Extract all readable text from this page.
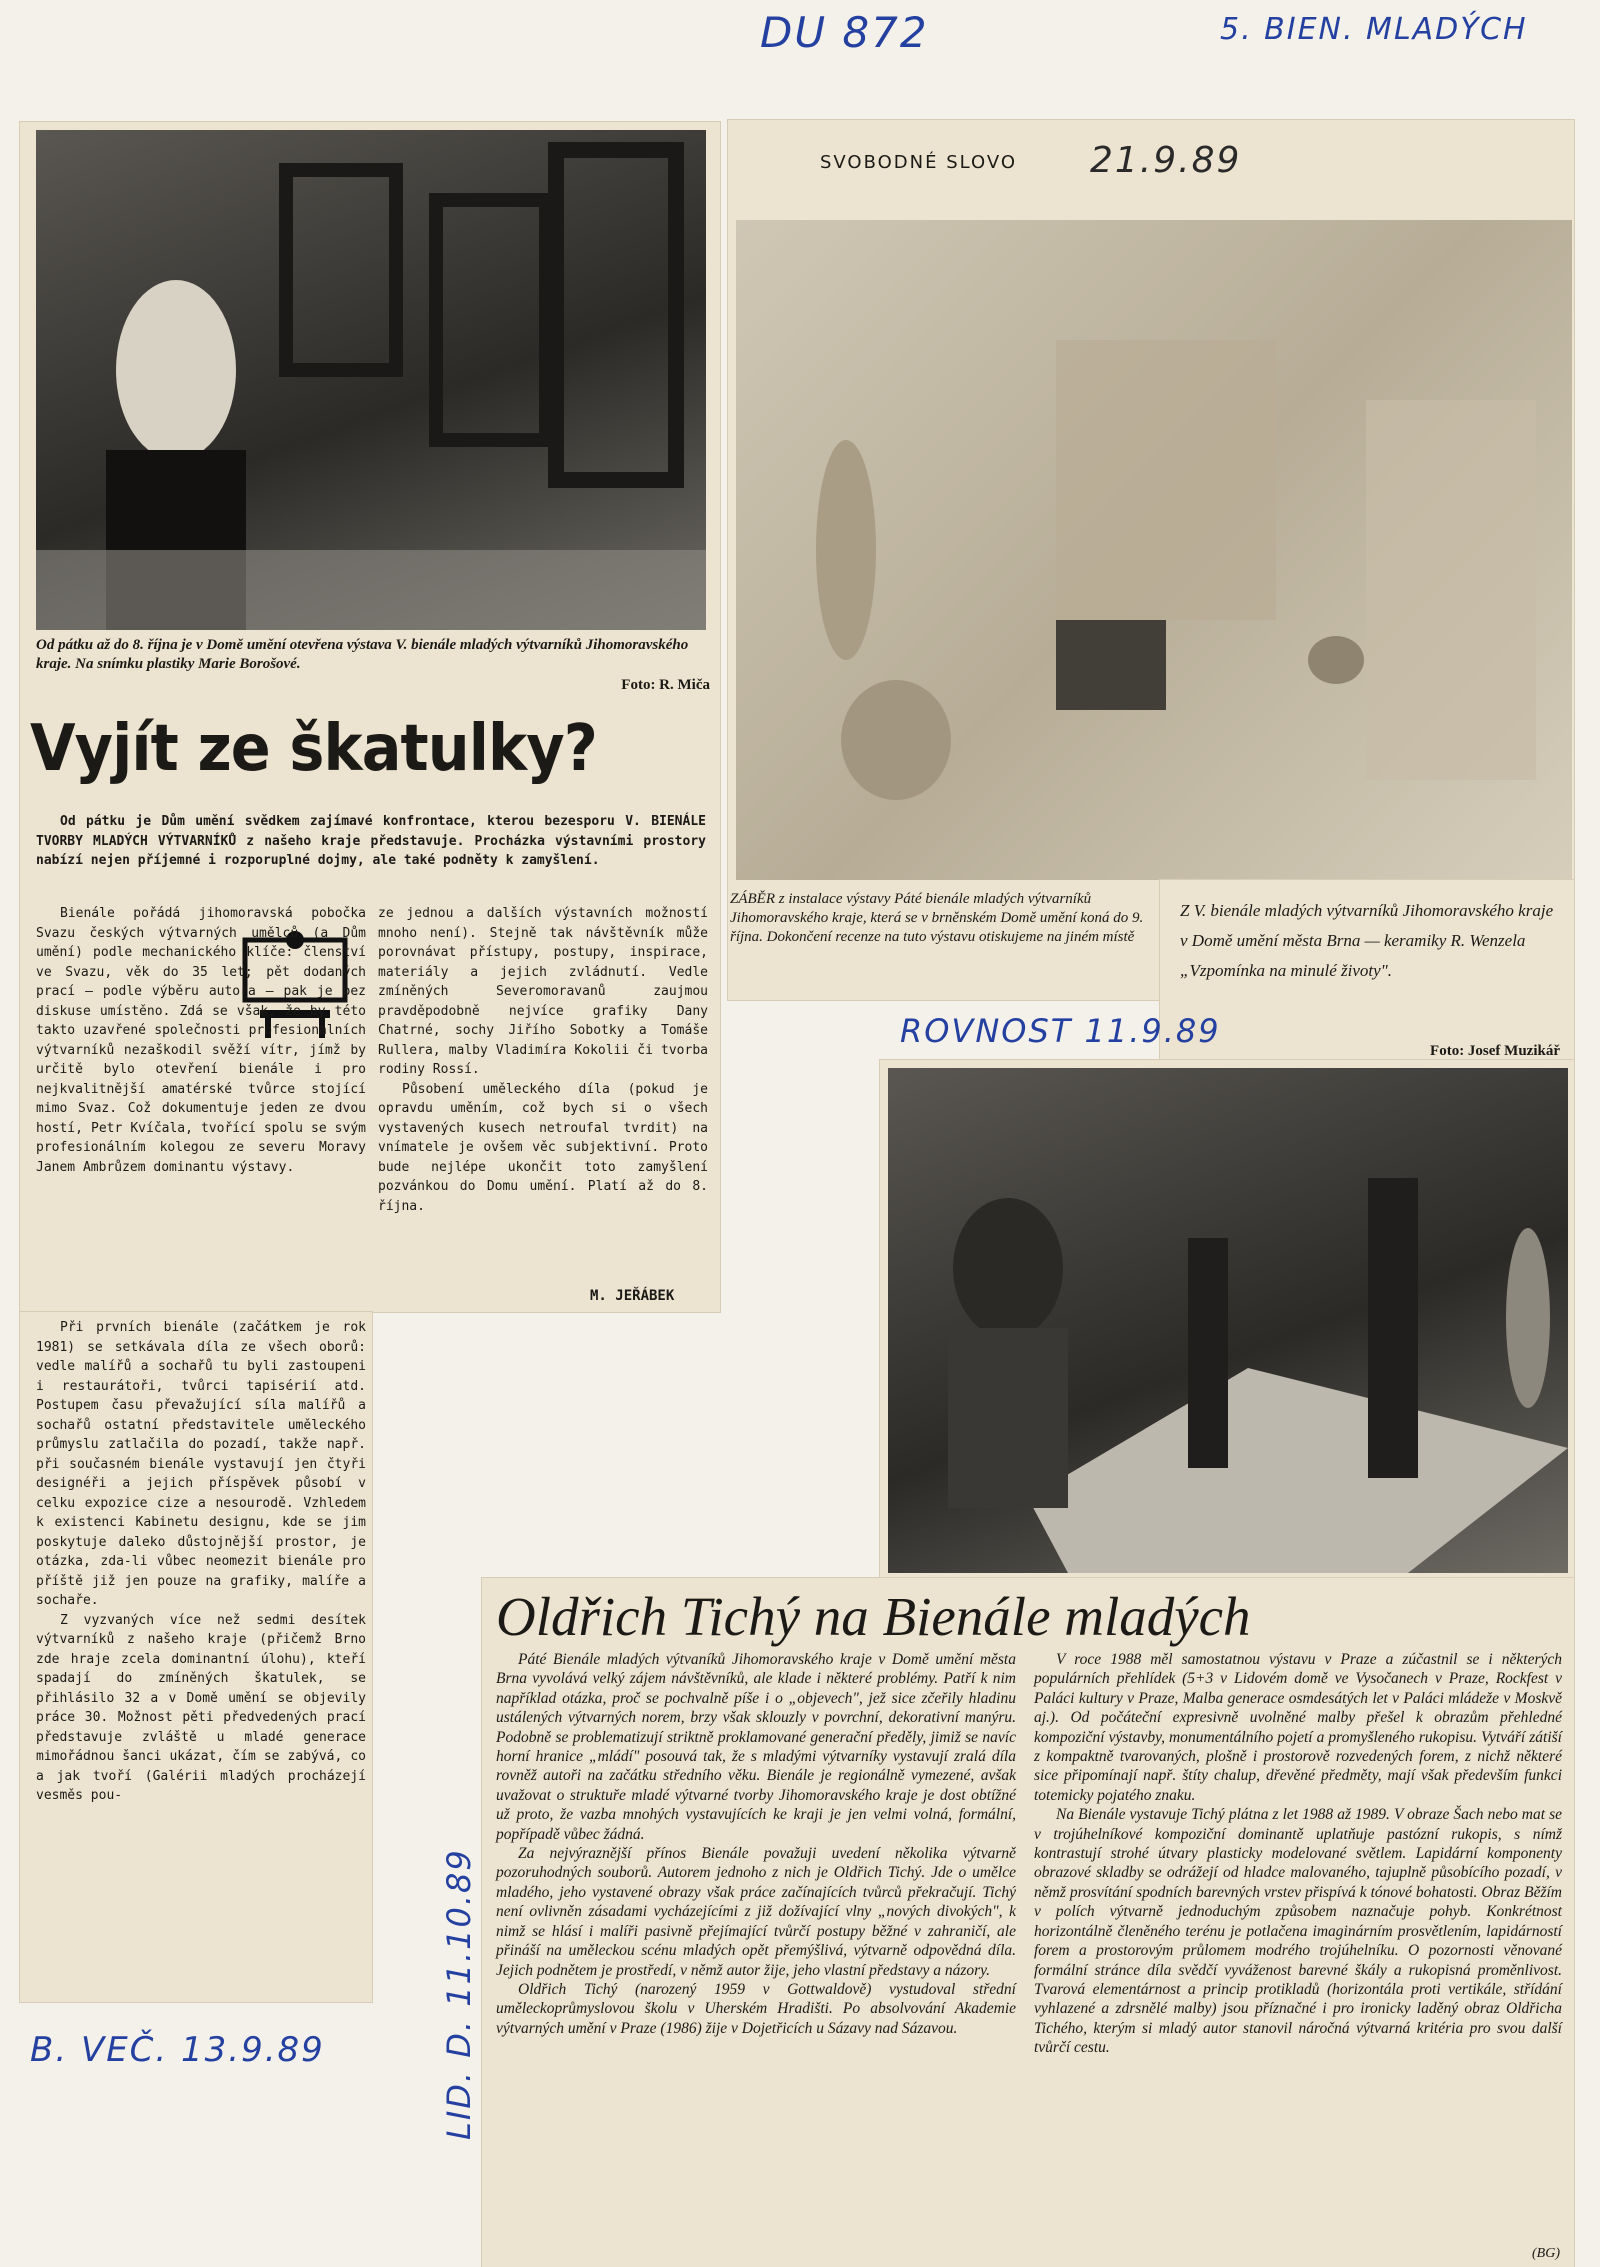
DU 872	5. BIEN. MLADÝCH
Od pátku až do 8. října je v Domě umění otevřena výstava V. bienále mladých výtvarníků Jihomoravského kraje. Na snímku plastiky Marie Borošové.
Foto: R. Miča
Vyjít ze škatulky?

Od pátku je Dům umění svědkem zajímavé konfrontace, kterou bezesporu V. BIENÁLE TVORBY MLADÝCH VÝTVARNÍKŮ z našeho kraje představuje. Procházka výstavními prostory nabízí nejen příjemné i rozporuplné dojmy, ale také podněty k zamyšlení.

Bienále pořádá jihomoravská pobočka Svazu českých výtvarných umělců (a Dům umění) podle mechanického klíče: členství ve Svazu, věk do 35 let; pět dodaných prací — podle výběru autora — pak je bez diskuse umístěno. Zdá se však, že by této takto uzavřené společnosti profesionálních výtvarníků nezaškodil svěží vítr, jímž by určitě bylo otevření bienále i pro nejkvalitnější amatérské tvůrce stojící mimo Svaz. Což dokumentuje jeden ze dvou hostí, Petr Kvíčala, tvořící spolu se svým profesionálním kolegou ze severu Moravy Janem Ambrůzem dominantu výstavy.

ze jednou a dalších výstavních možností mnoho není). Stejně tak návštěvník může porovnávat přístupy, postupy, inspirace, materiály a jejich zvládnutí. Vedle zmíněných Severomoravanů zaujmou pravděpodobně nejvíce grafiky Dany Chatrné, sochy Jiřího Sobotky a Tomáše Rullera, malby Vladimíra Kokolii či tvorba rodiny Rossí.

Působení uměleckého díla (pokud je opravdu uměním, což bych si o všech vystavených kusech netroufal tvrdit) na vnímatele je ovšem věc subjektivní. Proto bude nejlépe ukončit toto zamyšlení pozvánkou do Domu umění. Platí až do 8. října.

M. JEŘÁBEK

Při prvních bienále (začátkem je rok 1981) se setkávala díla ze všech oborů: vedle malířů a sochařů tu byli zastoupeni i restaurátoři, tvůrci tapisérií atd. Postupem času převažující síla malířů a sochařů ostatní představitele uměleckého průmyslu zatlačila do pozadí, takže např. při současném bienále vystavují jen čtyři designéři a jejich příspěvek působí v celku expozice cize a nesourodě. Vzhledem k existenci Kabinetu designu, kde se jim poskytuje daleko důstojnější prostor, je otázka, zda-li vůbec neomezit bienále pro příště již jen pouze na grafiky, malíře a sochaře.

Z vyzvaných více než sedmi desítek výtvarníků z našeho kraje (přičemž Brno zde hraje zcela dominantní úlohu), kteří spadají do zmíněných škatulek, se přihlásilo 32 a v Domě umění se objevily práce 30. Možnost pěti předvedených prací představuje zvláště u mladé generace mimořádnou šanci ukázat, čím se zabývá, co a jak tvoří (Galérii mladých procházejí vesměs pou-

B. VEČ. 13.9.89
SVOBODNÉ SLOVO 21.9.89
ZÁBĚR z instalace výstavy Páté bienále mladých výtvarníků Jihomoravského kraje, která se v brněnském Domě umění koná do 9. října. Dokončení recenze na tuto výstavu otiskujeme na jiném místě
Z V. bienále mladých výtvarníků Jihomoravského kraje v Domě umění města Brna — keramiky R. Wenzela „Vzpomínka na minulé životy".
Foto: Josef Muzikář
ROVNOST 11.9.89
Oldřich Tichý na Bienále mladých

Páté Bienále mladých výtvaníků Jihomoravského kraje v Domě umění města Brna vyvolává velký zájem návštěvníků, ale klade i některé problémy. Patří k nim například otázka, proč se pochvalně píše i o „objevech", jež sice zčeřily hladinu ustálených výtvarných norem, brzy však sklouzly v povrchní, dekorativní manýru. Podobně se problematizují striktně proklamované generační předěly, jimiž se navíc horní hranice „mládí" posouvá tak, že s mladými výtvarníky vystavují zralá díla rovněž autoři na začátku středního věku. Bienále je regionálně vymezené, avšak uvažovat o struktuře mladé výtvarné tvorby Jihomoravského kraje je dost obtížné už proto, že vazba mnohých vystavujících ke kraji je jen velmi volná, formální, popřípadě vůbec žádná.

Za nejvýraznější přínos Bienále považuji uvedení několika výtvarně pozoruhodných souborů. Autorem jednoho z nich je Oldřich Tichý. Jde o umělce mladého, jeho vystavené obrazy však práce začínajících tvůrců překračují. Tichý není ovlivněn zásadami vycházejícími z již dožívající vlny „nových divokých", k nimž se hlásí i malíři pasivně přejímající tvůrčí postupy běžné v zahraničí, ale přináší na uměleckou scénu mladých opět přemýšlivá, výtvarně odpovědná díla. Jejich podnětem je prostředí, v němž autor žije, jeho vlastní představy a názory.

Oldřich Tichý (narozený 1959 v Gottwaldově) vystudoval střední uměleckoprůmyslovou školu v Uherském Hradišti. Po absolvování Akademie výtvarných umění v Praze (1986) žije v Dojetřicích u Sázavy nad Sázavou.

V roce 1988 měl samostatnou výstavu v Praze a zúčastnil se i některých populárních přehlídek (5+3 v Lidovém domě ve Vysočanech v Praze, Rockfest v Paláci kultury v Praze, Malba generace osmdesátých let v Paláci mládeže v Moskvě aj.). Od počáteční expresivně uvolněné malby přešel k obrazům přehledné kompoziční výstavby, monumentálního pojetí a promyšleného rukopisu. Vytváří zátiší z kompaktně tvarovaných, plošně i prostorově rozvedených forem, z nichž některé sice připomínají např. štíty chalup, dřevěné předměty, mají však především funkci totemicky pojatého znaku.

Na Bienále vystavuje Tichý plátna z let 1988 až 1989. V obraze Šach nebo mat se v trojúhelníkové kompoziční dominantě uplatňuje pastózní rukopis, s nímž kontrastují strohé útvary plasticky modelované světlem. Lapidární komponenty obrazové skladby se odrážejí od hladce malovaného, tajuplně působícího pozadí, v němž prosvítání spodních barevných vrstev přispívá k tónové bohatosti. Obraz Běžím v polích výtvarně jednoduchým způsobem naznačuje pohyb. Konkrétnost horizontálně členěného terénu je potlačena imaginárním prosvětlením, lapidárností forem a prostorovým průlomem modrého trojúhelníku. O pozornosti věnované formální stránce díla svědčí vyváženost barevné škály a rukopisná proměnlivost. Tvarová elementárnost a princip protikladů (horizontála proti vertikále, střídání vyhlazené a zdrsnělé malby) jsou příznačné i pro ironicky laděný obraz Oldřicha Tichého, kterým si mladý autor stanovil náročná výtvarná kritéria pro svou další tvůrčí cestu.

(BG)
LID. D. 11.10.89
